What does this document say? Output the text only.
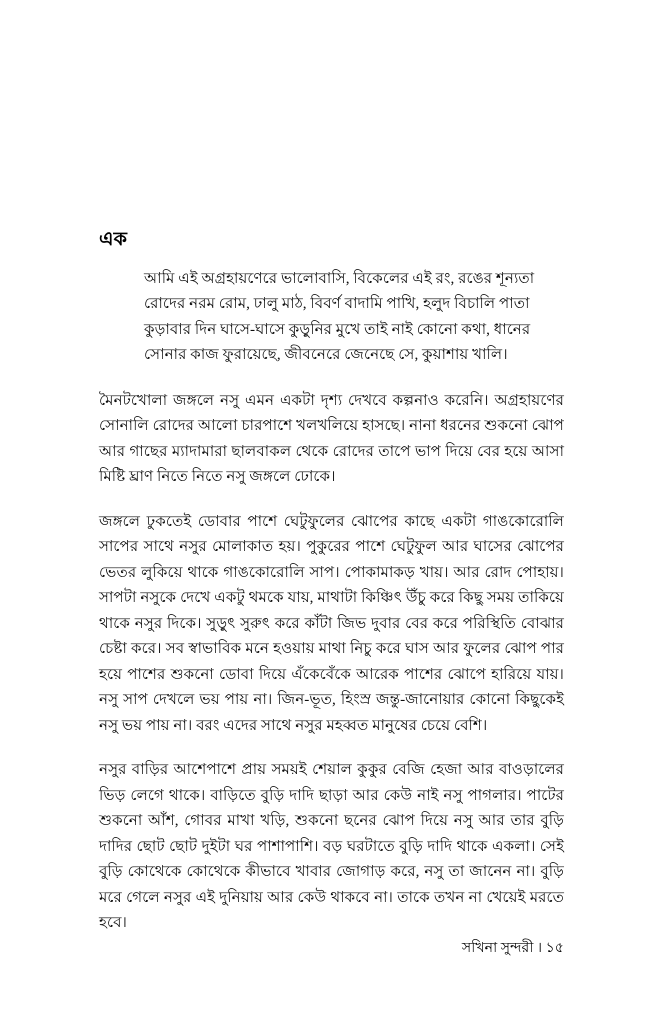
এক
আমি এই অগ্রহায়ণেরে ভালোবাসি, বিকেলের এই রং, রঙের শূন্যতা
রোদের নরম রোম, ঢালু মাঠ, বিবর্ণ বাদামি পাখি, হলুদ বিচালি পাতা
কুড়াবার দিন ঘাসে-ঘাসে কুড়ুনির মুখে তাই নাই কোনো কথা, ধানের
সোনার কাজ ফুরায়েছে, জীবনেরে জেনেছে সে, কুয়াশায় খালি।

মৈনটখোলা জঙ্গলে নসু এমন একটা দৃশ্য দেখবে কল্পনাও করেনি। অগ্রহায়ণের সোনালি রোদের আলো চারপাশে খলখলিয়ে হাসছে। নানা ধরনের শুকনো ঝোপ আর গাছের ম্যাদামারা ছালবাকল থেকে রোদের তাপে ভাপ দিয়ে বের হয়ে আসা মিষ্টি ঘ্রাণ নিতে নিতে নসু জঙ্গলে ঢোকে।

জঙ্গলে ঢুকতেই ডোবার পাশে ঘেটুফুলের ঝোপের কাছে একটা গাঙকোরোলি সাপের সাথে নসুর মোলাকাত হয়। পুকুরের পাশে ঘেটুফুল আর ঘাসের ঝোপের ভেতর লুকিয়ে থাকে গাঙকোরোলি সাপ। পোকামাকড় খায়। আর রোদ পোহায়। সাপটা নসুকে দেখে একটু থমকে যায়, মাথাটা কিঞ্চিৎ উঁচু করে কিছু সময় তাকিয়ে থাকে নসুর দিকে। সুড়ুৎ সুরুৎ করে কাঁটা জিভ দুবার বের করে পরিস্থিতি বোঝার চেষ্টা করে। সব স্বাভাবিক মনে হওয়ায় মাথা নিচু করে ঘাস আর ফুলের ঝোপ পার হয়ে পাশের শুকনো ডোবা দিয়ে এঁকেবেঁকে আরেক পাশের ঝোপে হারিয়ে যায়। নসু সাপ দেখলে ভয় পায় না। জিন-ভূত, হিংস্র জন্তু-জানোয়ার কোনো কিছুকেই নসু ভয় পায় না। বরং এদের সাথে নসুর মহব্বত মানুষের চেয়ে বেশি।

নসুর বাড়ির আশেপাশে প্রায় সময়ই শেয়াল কুকুর বেজি হেজা আর বাওড়ালের ভিড় লেগে থাকে। বাড়িতে বুড়ি দাদি ছাড়া আর কেউ নাই নসু পাগলার। পাটের শুকনো আঁশ, গোবর মাখা খড়ি, শুকনো ছনের ঝোপ দিয়ে নসু আর তার বুড়ি দাদির ছোট ছোট দুইটা ঘর পাশাপাশি। বড় ঘরটাতে বুড়ি দাদি থাকে একলা। সেই বুড়ি কোথেকে কোথেকে কীভাবে খাবার জোগাড় করে, নসু তা জানেন না। বুড়ি মরে গেলে নসুর এই দুনিয়ায় আর কেউ থাকবে না। তাকে তখন না খেয়েই মরতে হবে।

সখিনা সুন্দরী । ১৫
